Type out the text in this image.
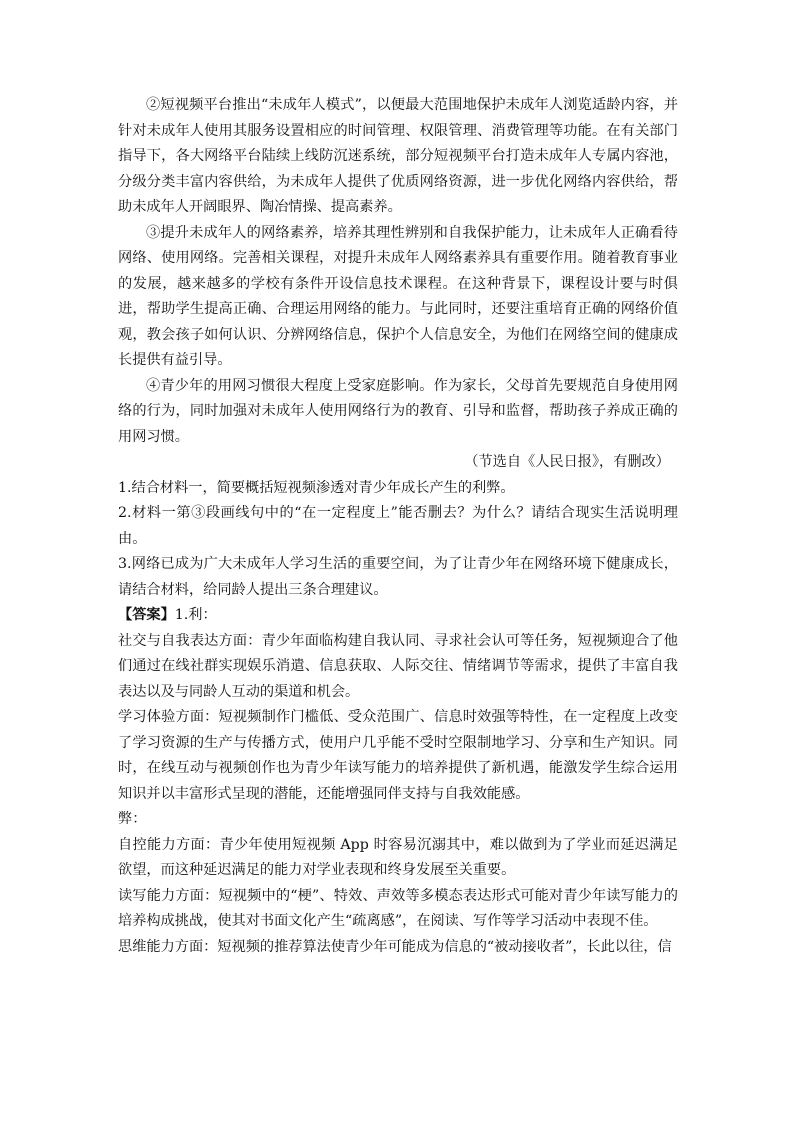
②短视频平台推出“未成年人模式”，以便最大范围地保护未成年人浏览适龄内容，并针对未成年人使用其服务设置相应的时间管理、权限管理、消费管理等功能。在有关部门指导下，各大网络平台陆续上线防沉迷系统，部分短视频平台打造未成年人专属内容池，分级分类丰富内容供给，为未成年人提供了优质网络资源，进一步优化网络内容供给，帮助未成年人开阔眼界、陶冶情操、提高素养。

③提升未成年人的网络素养，培养其理性辨别和自我保护能力，让未成年人正确看待网络、使用网络。完善相关课程，对提升未成年人网络素养具有重要作用。随着教育事业的发展，越来越多的学校有条件开设信息技术课程。在这种背景下，课程设计要与时俱进，帮助学生提高正确、合理运用网络的能力。与此同时，还要注重培育正确的网络价值观，教会孩子如何认识、分辨网络信息，保护个人信息安全，为他们在网络空间的健康成长提供有益引导。

④青少年的用网习惯很大程度上受家庭影响。作为家长，父母首先要规范自身使用网络的行为，同时加强对未成年人使用网络行为的教育、引导和监督，帮助孩子养成正确的用网习惯。

（节选自《人民日报》，有删改）

1.结合材料一，简要概括短视频渗透对青少年成长产生的利弊。

2.材料一第③段画线句中的“在一定程度上”能否删去？为什么？请结合现实生活说明理由。

3.网络已成为广大未成年人学习生活的重要空间，为了让青少年在网络环境下健康成长，请结合材料，给同龄人提出三条合理建议。

【答案】1.利：

社交与自我表达方面：青少年面临构建自我认同、寻求社会认可等任务，短视频迎合了他们通过在线社群实现娱乐消遣、信息获取、人际交往、情绪调节等需求，提供了丰富自我表达以及与同龄人互动的渠道和机会。

学习体验方面：短视频制作门槛低、受众范围广、信息时效强等特性，在一定程度上改变了学习资源的生产与传播方式，使用户几乎能不受时空限制地学习、分享和生产知识。同时，在线互动与视频创作也为青少年读写能力的培养提供了新机遇，能激发学生综合运用知识并以丰富形式呈现的潜能，还能增强同伴支持与自我效能感。

弊：

自控能力方面：青少年使用短视频 App 时容易沉溺其中，难以做到为了学业而延迟满足欲望，而这种延迟满足的能力对学业表现和终身发展至关重要。

读写能力方面：短视频中的“梗”、特效、声效等多模态表达形式可能对青少年读写能力的培养构成挑战，使其对书面文化产生“疏离感”，在阅读、写作等学习活动中表现不佳。

思维能力方面：短视频的推荐算法使青少年可能成为信息的“被动接收者”，长此以往，信
